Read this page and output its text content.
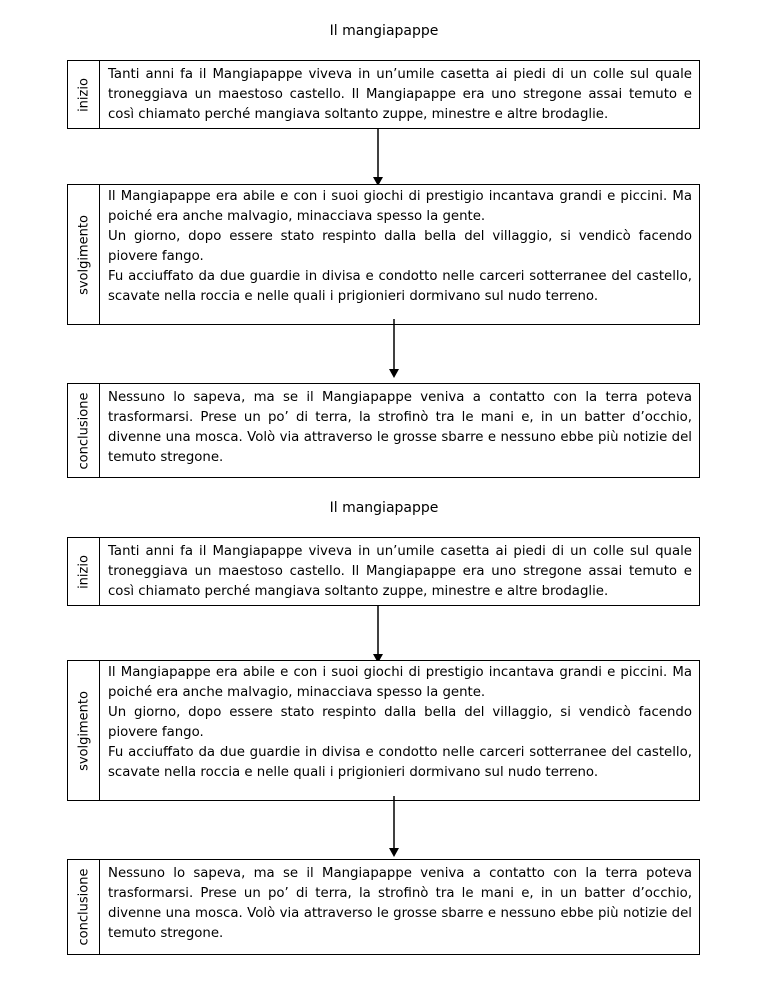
Il mangiapappe
inizio

Tanti anni fa il Mangiapappe viveva in un’umile casetta ai piedi di un colle sul quale troneggiava un maestoso castello. Il Mangiapappe era uno stregone assai temuto e così chiamato perché mangiava soltanto zuppe, minestre e altre brodaglie.

svolgimento

Il Mangiapappe era abile e con i suoi giochi di prestigio incantava grandi e piccini. Ma poiché era anche malvagio, minacciava spesso la gente.

Un giorno, dopo essere stato respinto dalla bella del villaggio, si vendicò facendo piovere fango.

Fu acciuffato da due guardie in divisa e condotto nelle carceri sotterranee del castello, scavate nella roccia e nelle quali i prigionieri dormivano sul nudo terreno.

conclusione Nessuno lo sapeva, ma se il Mangiapappe veniva a contatto con la terra poteva trasformarsi. Prese un po’ di terra, la strofinò tra le mani e, in un batter d’occhio, divenne una mosca. Volò via attraverso le grosse sbarre e nessuno ebbe più notizie del temuto stregone.

Il mangiapappe
inizio

Tanti anni fa il Mangiapappe viveva in un’umile casetta ai piedi di un colle sul quale troneggiava un maestoso castello. Il Mangiapappe era uno stregone assai temuto e così chiamato perché mangiava soltanto zuppe, minestre e altre brodaglie.

svolgimento

Il Mangiapappe era abile e con i suoi giochi di prestigio incantava grandi e piccini. Ma poiché era anche malvagio, minacciava spesso la gente.

Un giorno, dopo essere stato respinto dalla bella del villaggio, si vendicò facendo piovere fango.

Fu acciuffato da due guardie in divisa e condotto nelle carceri sotterranee del castello, scavate nella roccia e nelle quali i prigionieri dormivano sul nudo terreno.

conclusione Nessuno lo sapeva, ma se il Mangiapappe veniva a contatto con la terra poteva trasformarsi. Prese un po’ di terra, la strofinò tra le mani e, in un batter d’occhio, divenne una mosca. Volò via attraverso le grosse sbarre e nessuno ebbe più notizie del temuto stregone.
